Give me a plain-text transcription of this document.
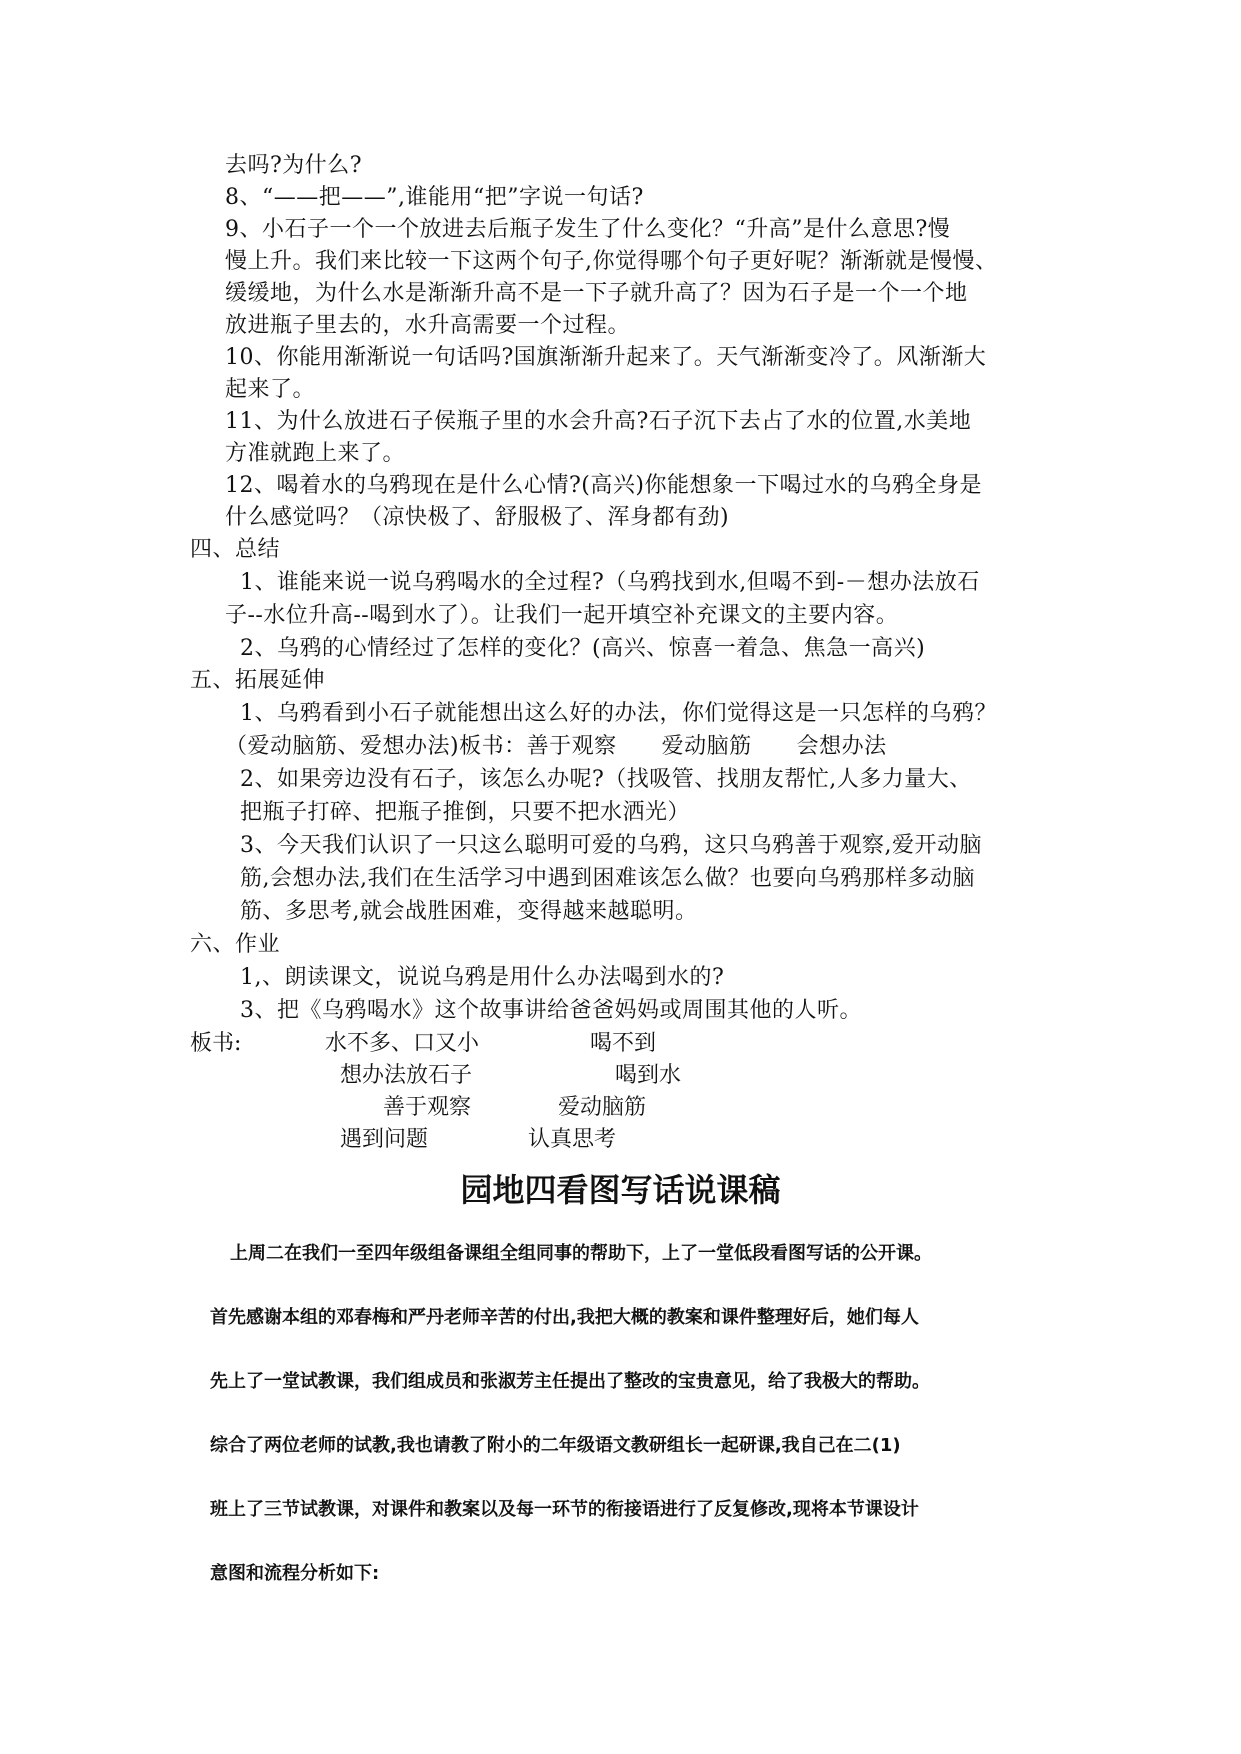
去吗?为什么?
8、“——把——”,谁能用“把”字说一句话?
9、小石子一个一个放进去后瓶子发生了什么变化？“升高”是什么意思?慢
慢上升。我们来比较一下这两个句子,你觉得哪个句子更好呢？渐渐就是慢慢、
缓缓地，为什么水是渐渐升高不是一下子就升高了？因为石子是一个一个地
放进瓶子里去的，水升高需要一个过程。
10、你能用渐渐说一句话吗?国旗渐渐升起来了。天气渐渐变冷了。风渐渐大
起来了。
11、为什么放进石子侯瓶子里的水会升高?石子沉下去占了水的位置,水美地
方准就跑上来了。
12、喝着水的乌鸦现在是什么心情?(高兴)你能想象一下喝过水的乌鸦全身是
什么感觉吗？（凉快极了、舒服极了、浑身都有劲)
四、总结
1、谁能来说一说乌鸦喝水的全过程?（乌鸦找到水,但喝不到-－想办法放石
子--水位升高--喝到水了）。让我们一起开填空补充课文的主要内容。
2、乌鸦的心情经过了怎样的变化？(高兴、惊喜一着急、焦急一高兴)
五、拓展延伸
1、乌鸦看到小石子就能想出这么好的办法，你们觉得这是一只怎样的乌鸦？
（爱动脑筋、爱想办法)板书：善于观察　　爱动脑筋　　会想办法
2、如果旁边没有石子，该怎么办呢?（找吸管、找朋友帮忙,人多力量大、
把瓶子打碎、把瓶子推倒，只要不把水洒光）
3、今天我们认识了一只这么聪明可爱的乌鸦，这只乌鸦善于观察,爱开动脑
筋,会想办法,我们在生活学习中遇到困难该怎么做？也要向乌鸦那样多动脑
筋、多思考,就会战胜困难，变得越来越聪明。
六、作业
1,、朗读课文，说说乌鸦是用什么办法喝到水的?
3、把《乌鸦喝水》这个故事讲给爸爸妈妈或周围其他的人听。
板书:	水不多、口又小	喝不到
想办法放石子	喝到水
善于观察	爱动脑筋
遇到问题	认真思考
园地四看图写话说课稿
上周二在我们一至四年级组备课组全组同事的帮助下，上了一堂低段看图写话的公开课。
首先感谢本组的邓春梅和严丹老师辛苦的付出,我把大概的教案和课件整理好后，她们每人
先上了一堂试教课，我们组成员和张淑芳主任提出了整改的宝贵意见，给了我极大的帮助。
综合了两位老师的试教,我也请教了附小的二年级语文教研组长一起研课,我自己在二(1)
班上了三节试教课，对课件和教案以及每一环节的衔接语进行了反复修改,现将本节课设计
意图和流程分析如下:
